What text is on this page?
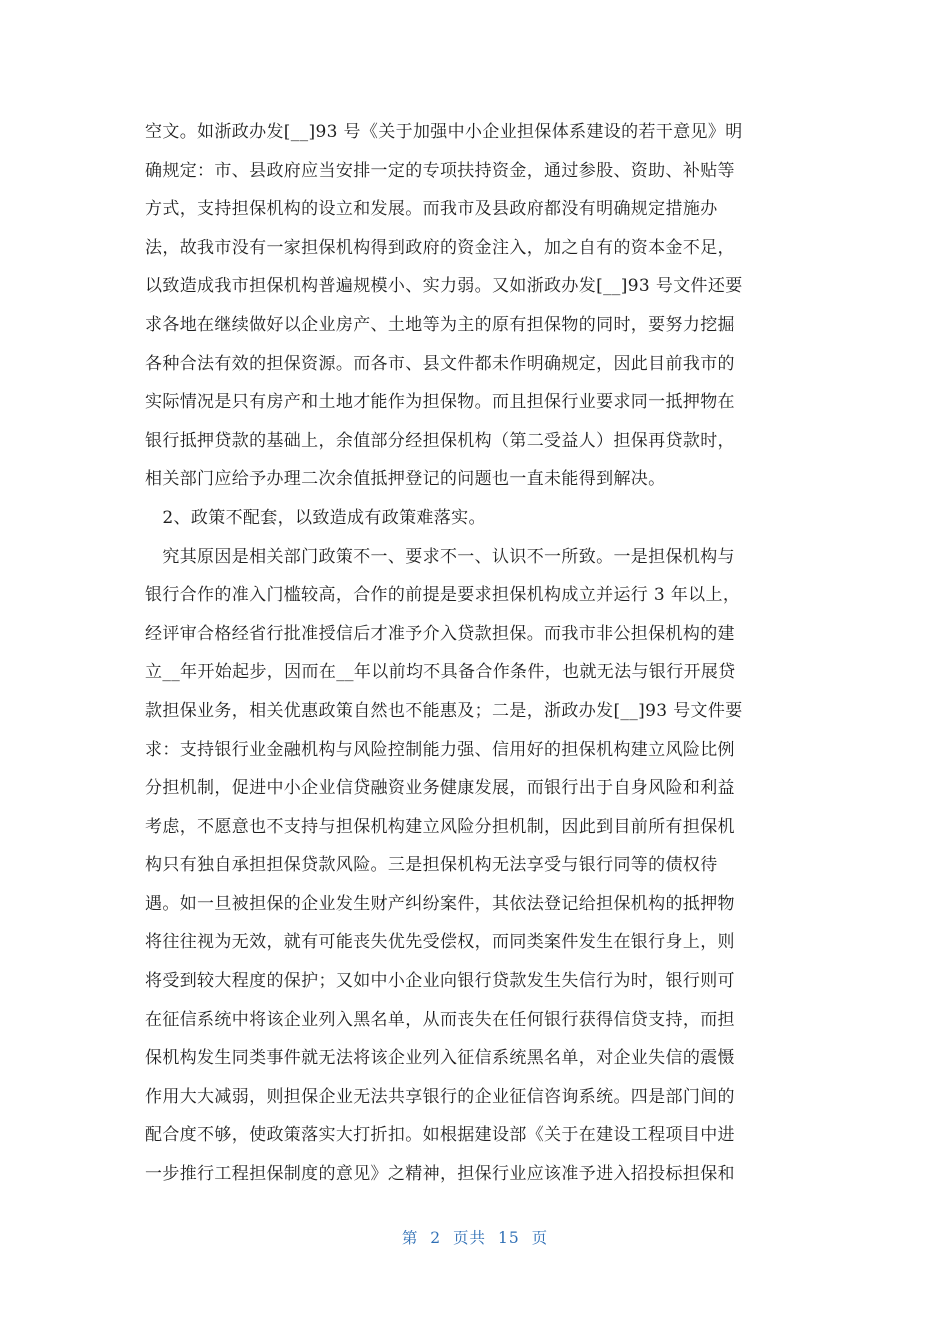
空文。如浙政办发[__]93 号《关于加强中小企业担保体系建设的若干意见》明
确规定：市、县政府应当安排一定的专项扶持资金，通过参股、资助、补贴等
方式，支持担保机构的设立和发展。而我市及县政府都没有明确规定措施办
法，故我市没有一家担保机构得到政府的资金注入，加之自有的资本金不足，
以致造成我市担保机构普遍规模小、实力弱。又如浙政办发[__]93 号文件还要
求各地在继续做好以企业房产、土地等为主的原有担保物的同时，要努力挖掘
各种合法有效的担保资源。而各市、县文件都未作明确规定，因此目前我市的
实际情况是只有房产和土地才能作为担保物。而且担保行业要求同一抵押物在
银行抵押贷款的基础上，余值部分经担保机构（第二受益人）担保再贷款时，
相关部门应给予办理二次余值抵押登记的问题也一直未能得到解决。
　2、政策不配套，以致造成有政策难落实。
　究其原因是相关部门政策不一、要求不一、认识不一所致。一是担保机构与
银行合作的准入门槛较高，合作的前提是要求担保机构成立并运行 3 年以上，
经评审合格经省行批准授信后才准予介入贷款担保。而我市非公担保机构的建
立__年开始起步，因而在__年以前均不具备合作条件，也就无法与银行开展贷
款担保业务，相关优惠政策自然也不能惠及；二是，浙政办发[__]93 号文件要
求：支持银行业金融机构与风险控制能力强、信用好的担保机构建立风险比例
分担机制，促进中小企业信贷融资业务健康发展，而银行出于自身风险和利益
考虑，不愿意也不支持与担保机构建立风险分担机制，因此到目前所有担保机
构只有独自承担担保贷款风险。三是担保机构无法享受与银行同等的债权待
遇。如一旦被担保的企业发生财产纠纷案件，其依法登记给担保机构的抵押物
将往往视为无效，就有可能丧失优先受偿权，而同类案件发生在银行身上，则
将受到较大程度的保护；又如中小企业向银行贷款发生失信行为时，银行则可
在征信系统中将该企业列入黑名单，从而丧失在任何银行获得信贷支持，而担
保机构发生同类事件就无法将该企业列入征信系统黑名单，对企业失信的震慑
作用大大减弱，则担保企业无法共享银行的企业征信咨询系统。四是部门间的
配合度不够，使政策落实大打折扣。如根据建设部《关于在建设工程项目中进
一步推行工程担保制度的意见》之精神，担保行业应该准予进入招投标担保和
第 2 页共 15 页
